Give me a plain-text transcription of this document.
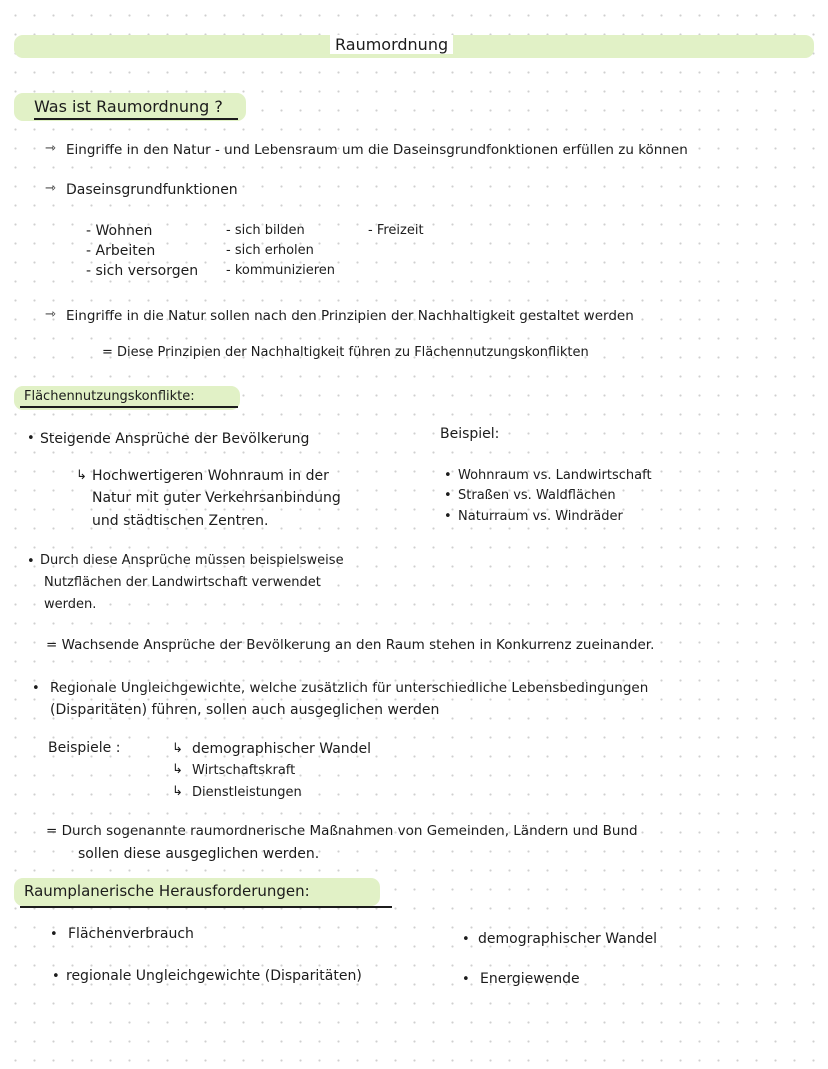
Raumordnung
Was ist Raumordnung ?
⇾ Eingriffe in den Natur - und Lebensraum um die Daseinsgrundfonktionen erfüllen zu können
⇾ Daseinsgrundfunktionen
- Wohnen
- Arbeiten
- sich versorgen
- sich bilden
- sich erholen
- kommunizieren
- Freizeit
⇾ Eingriffe in die Natur sollen nach den Prinzipien der Nachhaltigkeit gestaltet werden
= Diese Prinzipien der Nachhaltigkeit führen zu Flächennutzungskonflikten
Flächennutzungskonflikte:
• Steigende Ansprüche der Bevölkerung
↳ Hochwertigeren Wohnraum in der
Natur mit guter Verkehrsanbindung
und städtischen Zentren.
Beispiel:
• Wohnraum vs. Landwirtschaft
• Straßen vs. Waldflächen
• Naturraum vs. Windräder
• Durch diese Ansprüche müssen beispielsweise
Nutzflächen der Landwirtschaft verwendet
werden.
= Wachsende Ansprüche der Bevölkerung an den Raum stehen in Konkurrenz zueinander.
• Regionale Ungleichgewichte, welche zusätzlich für unterschiedliche Lebensbedingungen
(Disparitäten) führen, sollen auch ausgeglichen werden
Beispiele :	↳ demographischer Wandel
↳ Wirtschaftskraft
↳ Dienstleistungen
= Durch sogenannte raumordnerische Maßnahmen von Gemeinden, Ländern und Bund
sollen diese ausgeglichen werden.
Raumplanerische Herausforderungen:
• Flächenverbrauch
• regionale Ungleichgewichte (Disparitäten)
• demographischer Wandel
• Energiewende
